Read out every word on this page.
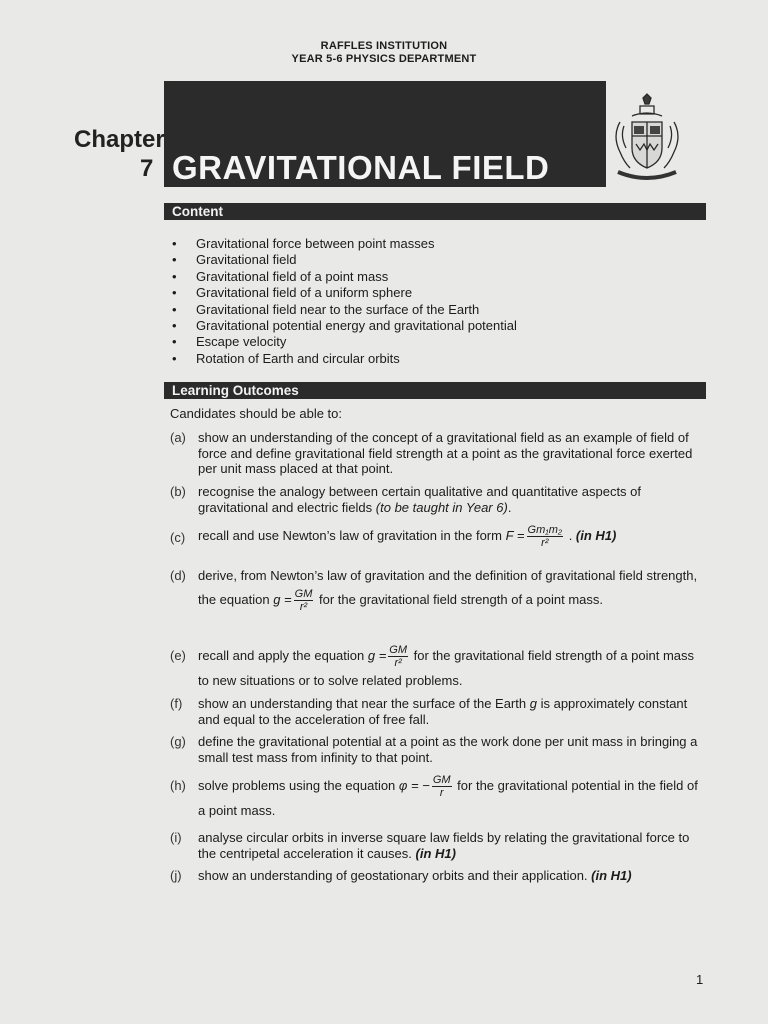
RAFFLES INSTITUTION
YEAR 5-6 PHYSICS DEPARTMENT
Chapter
7 GRAVITATIONAL FIELD
Content
• Gravitational force between point masses
• Gravitational field
• Gravitational field of a point mass
• Gravitational field of a uniform sphere
• Gravitational field near to the surface of the Earth
• Gravitational potential energy and gravitational potential
• Escape velocity
• Rotation of Earth and circular orbits
Learning Outcomes
Candidates should be able to:
(a) show an understanding of the concept of a gravitational field as an example of field of force and define gravitational field strength at a point as the gravitational force exerted per unit mass placed at that point.
(b) recognise the analogy between certain qualitative and quantitative aspects of gravitational and electric fields (to be taught in Year 6).
(c) recall and use Newton’s law of gravitation in the form $F = \frac{\text{Gm₁m₂}}{\text{r²}}$ . (in H1)
(d) derive, from Newton’s law of gravitation and the definition of gravitational field strength, the equation $g = \frac{GM}{\text{r²}}$ for the gravitational field strength of a point mass.
(e) recall and apply the equation $g = \frac{GM}{\text{r²}}$ for the gravitational field strength of a point mass to new situations or to solve related problems.
(f)	show an understanding that near the surface of the Earth g is approximately constant and equal to the acceleration of free fall.
(g) define the gravitational potential at a point as the work done per unit mass in bringing a small test mass from infinity to that point.
(h) solve problems using the equation φ = − $\frac{GM}{r}$ for the gravitational potential in the field of a point mass.
(i)	analyse circular orbits in inverse square law fields by relating the gravitational force to the centripetal acceleration it causes. (in H1)
(j)	show an understanding of geostationary orbits and their application. (in H1)
1
